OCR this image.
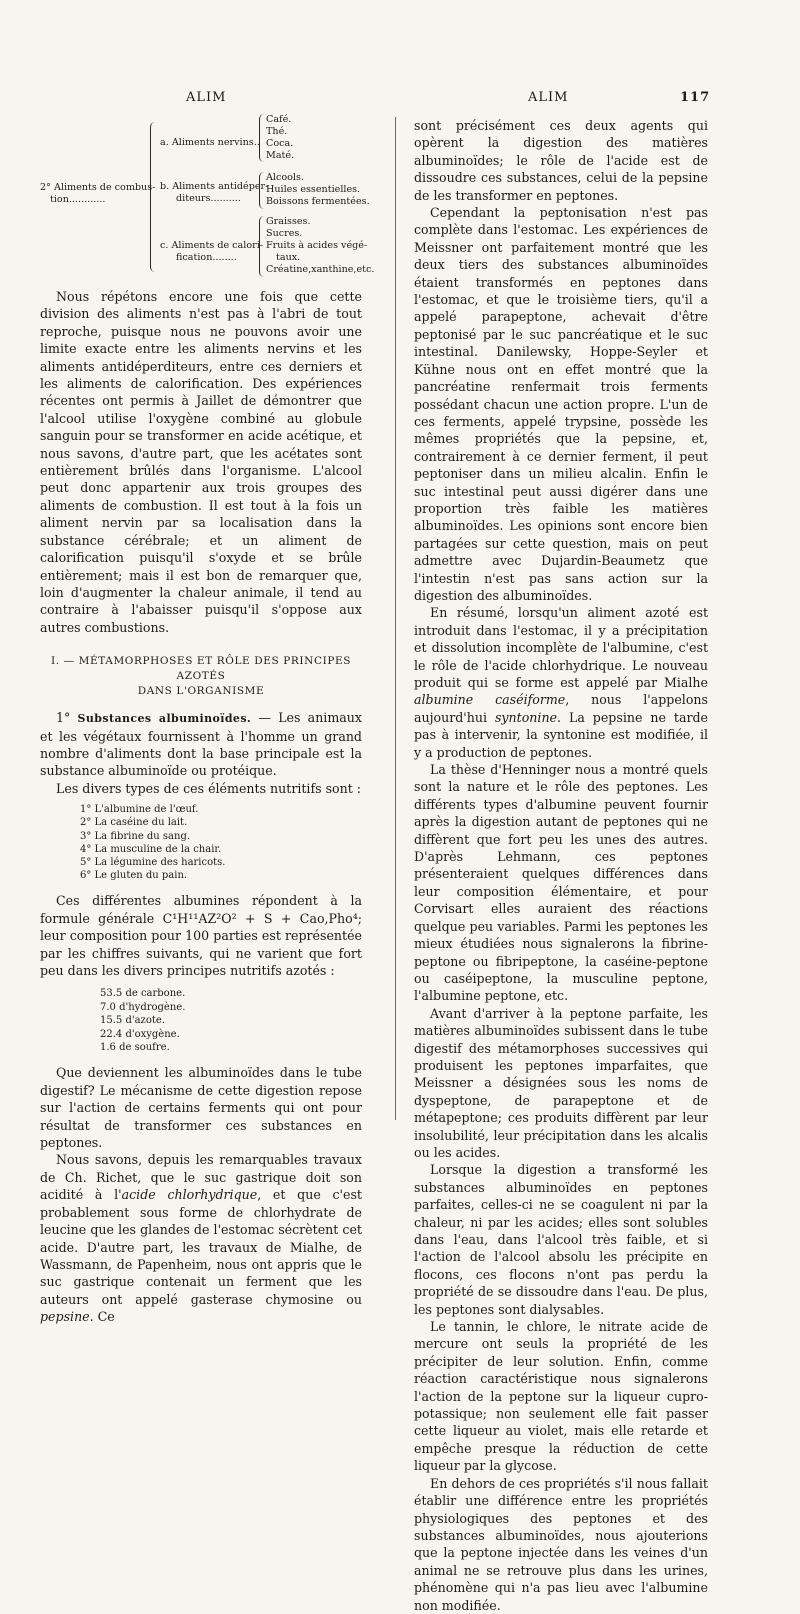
ALIM	ALIM	117
2° Aliments de combus-
tion............
a. Aliments nervins..
Café.
Thé.
Coca.
Maté.
b. Aliments antidéper-
diteurs..........
Alcools.
Huiles essentielles.
Boissons fermentées.
c. Aliments de calori-
fication........
Graisses.
Sucres.
Fruits à acides végé-
taux.
Créatine,xanthine,etc.

Nous répétons encore une fois que cette division des aliments n'est pas à l'abri de tout reproche, puisque nous ne pouvons avoir une limite exacte entre les aliments nervins et les aliments antidéperditeurs, entre ces derniers et les aliments de calorification. Des expériences récentes ont permis à Jaillet de démontrer que l'alcool utilise l'oxygène combiné au globule sanguin pour se transformer en acide acétique, et nous savons, d'autre part, que les acétates sont entièrement brûlés dans l'organisme. L'alcool peut donc appartenir aux trois groupes des aliments de combustion. Il est tout à la fois un aliment nervin par sa localisation dans la substance cérébrale; et un aliment de calorification puisqu'il s'oxyde et se brûle entièrement; mais il est bon de remarquer que, loin d'augmenter la chaleur animale, il tend au contraire à l'abaisser puisqu'il s'oppose aux autres combustions.

I. — MÉTAMORPHOSES ET RÔLE DES PRINCIPES AZOTÉS
DANS L'ORGANISME

1° Substances albuminoïdes. — Les animaux et les végétaux fournissent à l'homme un grand nombre d'aliments dont la base principale est la substance albuminoïde ou protéique.

Les divers types de ces éléments nutritifs sont :

1° L'albumine de l'œuf.
2° La caséine du lait.
3° La fibrine du sang.
4° La musculine de la chair.
5° La légumine des haricots.
6° Le gluten du pain.

Ces différentes albumines répondent à la formule générale C¹H¹¹AZ²O² + S + Cao,Pho⁴; leur composition pour 100 parties est représentée par les chiffres suivants, qui ne varient que fort peu dans les divers principes nutritifs azotés :

53.5 de carbone.
7.0 d'hydrogène.
15.5 d'azote.
22.4 d'oxygène.
1.6 de soufre.

Que deviennent les albuminoïdes dans le tube digestif? Le mécanisme de cette digestion repose sur l'action de certains ferments qui ont pour résultat de transformer ces substances en peptones.

Nous savons, depuis les remarquables travaux de Ch. Richet, que le suc gastrique doit son acidité à l'acide chlorhydrique, et que c'est probablement sous forme de chlorhydrate de leucine que les glandes de l'estomac sécrètent cet acide. D'autre part, les travaux de Mialhe, de Wassmann, de Papenheim, nous ont appris que le suc gastrique contenait un ferment que les auteurs ont appelé gasterase chymosine ou pepsine. Ce

sont précisément ces deux agents qui opèrent la digestion des matières albuminoïdes; le rôle de l'acide est de dissoudre ces substances, celui de la pepsine de les transformer en peptones.

Cependant la peptonisation n'est pas complète dans l'estomac. Les expériences de Meissner ont parfaitement montré que les deux tiers des substances albuminoïdes étaient transformés en peptones dans l'estomac, et que le troisième tiers, qu'il a appelé parapeptone, achevait d'être peptonisé par le suc pancréatique et le suc intestinal. Danilewsky, Hoppe-Seyler et Kühne nous ont en effet montré que la pancréatine renfermait trois ferments possédant chacun une action propre. L'un de ces ferments, appelé trypsine, possède les mêmes propriétés que la pepsine, et, contrairement à ce dernier ferment, il peut peptoniser dans un milieu alcalin. Enfin le suc intestinal peut aussi digérer dans une proportion très faible les matières albuminoïdes. Les opinions sont encore bien partagées sur cette question, mais on peut admettre avec Dujardin-Beaumetz que l'intestin n'est pas sans action sur la digestion des albuminoïdes.

En résumé, lorsqu'un aliment azoté est introduit dans l'estomac, il y a précipitation et dissolution incomplète de l'albumine, c'est le rôle de l'acide chlorhydrique. Le nouveau produit qui se forme est appelé par Mialhe albumine caséiforme, nous l'appelons aujourd'hui syntonine. La pepsine ne tarde pas à intervenir, la syntonine est modifiée, il y a production de peptones.

La thèse d'Henninger nous a montré quels sont la nature et le rôle des peptones. Les différents types d'albumine peuvent fournir après la digestion autant de peptones qui ne diffèrent que fort peu les unes des autres. D'après Lehmann, ces peptones présenteraient quelques différences dans leur composition élémentaire, et pour Corvisart elles auraient des réactions quelque peu variables. Parmi les peptones les mieux étudiées nous signalerons la fibrine-peptone ou fibripeptone, la caséine-peptone ou caséipeptone, la musculine peptone, l'albumine peptone, etc.

Avant d'arriver à la peptone parfaite, les matières albuminoïdes subissent dans le tube digestif des métamorphoses successives qui produisent les peptones imparfaites, que Meissner a désignées sous les noms de dyspeptone, de parapeptone et de métapeptone; ces produits diffèrent par leur insolubilité, leur précipitation dans les alcalis ou les acides.

Lorsque la digestion a transformé les substances albuminoïdes en peptones parfaites, celles-ci ne se coagulent ni par la chaleur, ni par les acides; elles sont solubles dans l'eau, dans l'alcool très faible, et si l'action de l'alcool absolu les précipite en flocons, ces flocons n'ont pas perdu la propriété de se dissoudre dans l'eau. De plus, les peptones sont dialysables.

Le tannin, le chlore, le nitrate acide de mercure ont seuls la propriété de les précipiter de leur solution. Enfin, comme réaction caractéristique nous signalerons l'action de la peptone sur la liqueur cupro-potassique; non seulement elle fait passer cette liqueur au violet, mais elle retarde et empêche presque la réduction de cette liqueur par la glycose.

En dehors de ces propriétés s'il nous fallait établir une différence entre les propriétés physiologiques des peptones et des substances albuminoïdes, nous ajouterions que la peptone injectée dans les veines d'un animal ne se retrouve plus dans les urines, phénomène qui n'a pas lieu avec l'albumine non modifiée.
